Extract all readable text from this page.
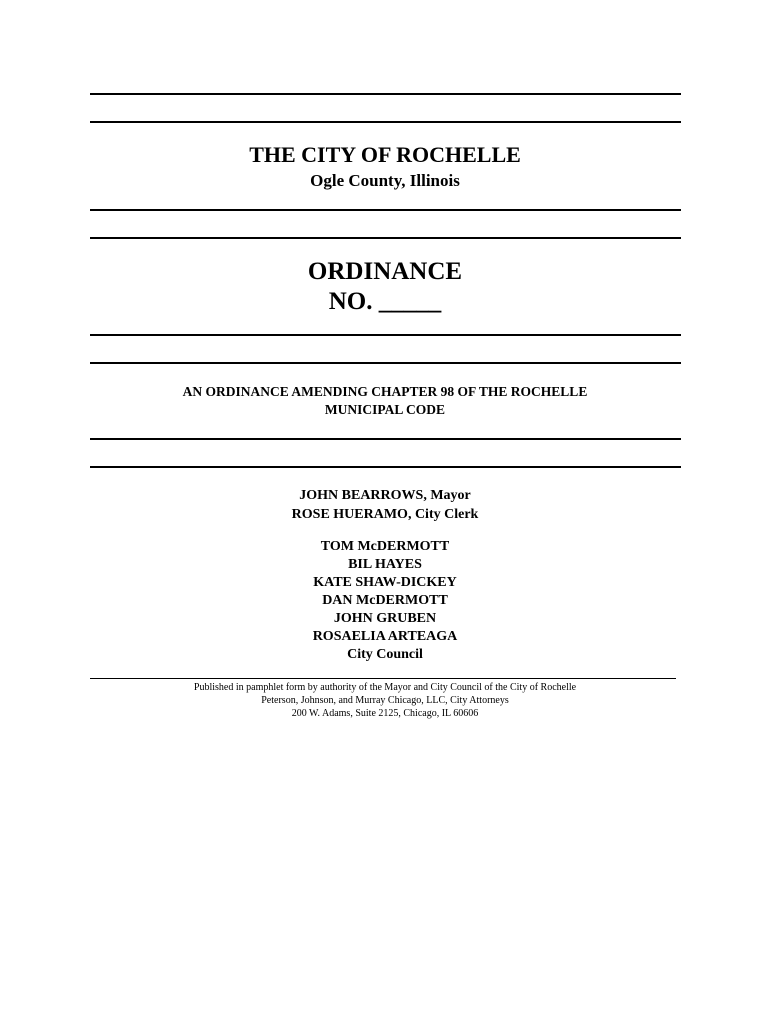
THE CITY OF ROCHELLE
Ogle County, Illinois
ORDINANCE
NO. _____
AN ORDINANCE AMENDING CHAPTER 98 OF THE ROCHELLE
MUNICIPAL CODE
JOHN BEARROWS, Mayor
ROSE HUERAMO, City Clerk
TOM McDERMOTT
BIL HAYES
KATE SHAW-DICKEY
DAN McDERMOTT
JOHN GRUBEN
ROSAELIA ARTEAGA
City Council
Published in pamphlet form by authority of the Mayor and City Council of the City of Rochelle
Peterson, Johnson, and Murray Chicago, LLC, City Attorneys
200 W. Adams, Suite 2125, Chicago, IL 60606
